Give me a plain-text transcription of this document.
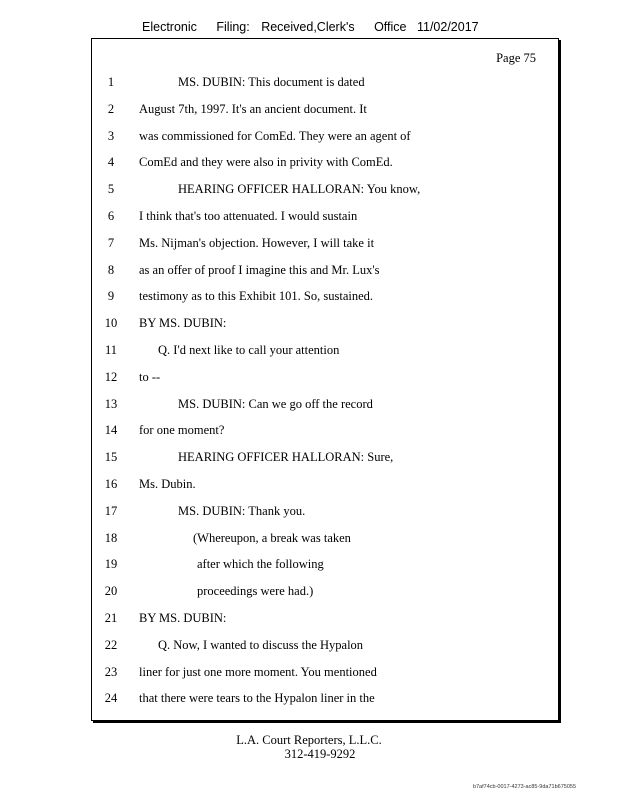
Electronic Filing: Received,Clerk's Office 11/02/2017
Page 75
1	MS. DUBIN: This document is dated
2	August 7th, 1997. It's an ancient document. It
3	was commissioned for ComEd. They were an agent of
4	ComEd and they were also in privity with ComEd.
5	HEARING OFFICER HALLORAN: You know,
6	I think that's too attenuated. I would sustain
7	Ms. Nijman's objection. However, I will take it
8	as an offer of proof I imagine this and Mr. Lux's
9	testimony as to this Exhibit 101. So, sustained.
10	BY MS. DUBIN:
11	Q. I'd next like to call your attention
12	to --
13	MS. DUBIN: Can we go off the record
14	for one moment?
15	HEARING OFFICER HALLORAN: Sure,
16	Ms. Dubin.
17	MS. DUBIN: Thank you.
18	(Whereupon, a break was taken
19	after which the following
20	proceedings were had.)
21	BY MS. DUBIN:
22	Q. Now, I wanted to discuss the Hypalon
23	liner for just one more moment. You mentioned
24	that there were tears to the Hypalon liner in the
L.A. Court Reporters, L.L.C.
312-419-9292
b7af74cb-0017-4273-ac85-9da71b675055
